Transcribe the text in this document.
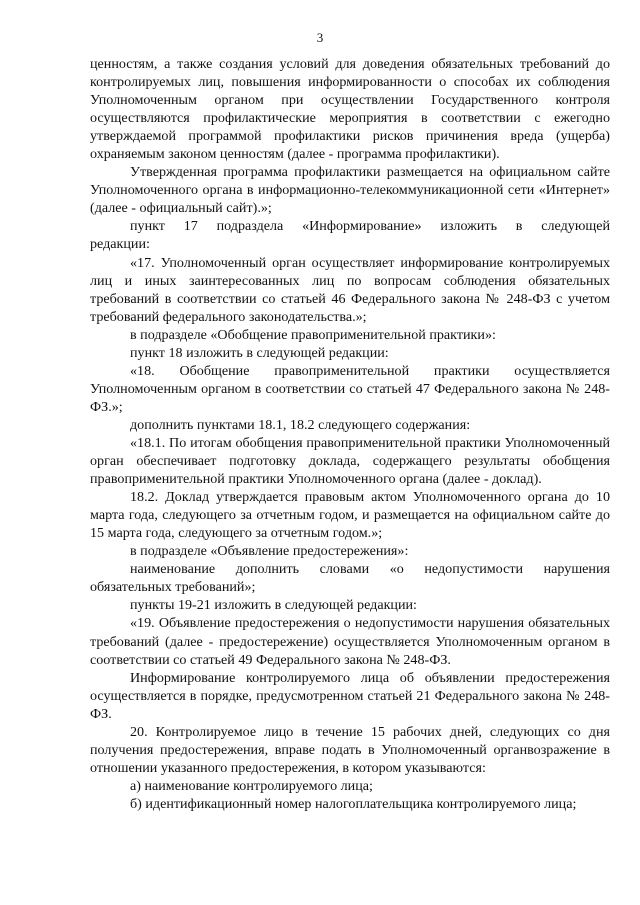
3

ценностям, а также создания условий для доведения обязательных требований до контролируемых лиц, повышения информированности о способах их соблюдения Уполномоченным органом при осуществлении Государственного контроля осуществляются профилактические мероприятия в соответствии с ежегодно утверждаемой программой профилактики рисков причинения вреда (ущерба) охраняемым законом ценностям (далее - программа профилактики).

Утвержденная программа профилактики размещается на официальном сайте Уполномоченного органа в информационно-телекоммуникационной сети «Интернет» (далее - официальный сайт).»;

пункт 17 подраздела «Информирование» изложить в следующей редакции:

«17. Уполномоченный орган осуществляет информирование контролируемых лиц и иных заинтересованных лиц по вопросам соблюдения обязательных требований в соответствии со статьей 46 Федерального закона № 248-ФЗ с учетом требований федерального законодательства.»;

в подразделе «Обобщение правоприменительной практики»:

пункт 18 изложить в следующей редакции:

«18. Обобщение правоприменительной практики осуществляется Уполномоченным органом в соответствии со статьей 47 Федерального закона № 248-ФЗ.»;

дополнить пунктами 18.1, 18.2 следующего содержания:

«18.1. По итогам обобщения правоприменительной практики Уполномоченный орган обеспечивает подготовку доклада, содержащего результаты обобщения правоприменительной практики Уполномоченного органа (далее - доклад).

18.2. Доклад утверждается правовым актом Уполномоченного органа до 10 марта года, следующего за отчетным годом, и размещается на официальном сайте до 15 марта года, следующего за отчетным годом.»;

в подразделе «Объявление предостережения»:

наименование дополнить словами «о недопустимости нарушения обязательных требований»;

пункты 19-21 изложить в следующей редакции:

«19. Объявление предостережения о недопустимости нарушения обязательных требований (далее - предостережение) осуществляется Уполномоченным органом в соответствии со статьей 49 Федерального закона № 248-ФЗ.

Информирование контролируемого лица об объявлении предостережения осуществляется в порядке, предусмотренном статьей 21 Федерального закона № 248-ФЗ.

20. Контролируемое лицо в течение 15 рабочих дней, следующих со дня получения предостережения, вправе подать в Уполномоченный органвозражение в отношении указанного предостережения, в котором указываются:

а) наименование контролируемого лица;

б) идентификационный номер налогоплательщика контролируемого лица;
